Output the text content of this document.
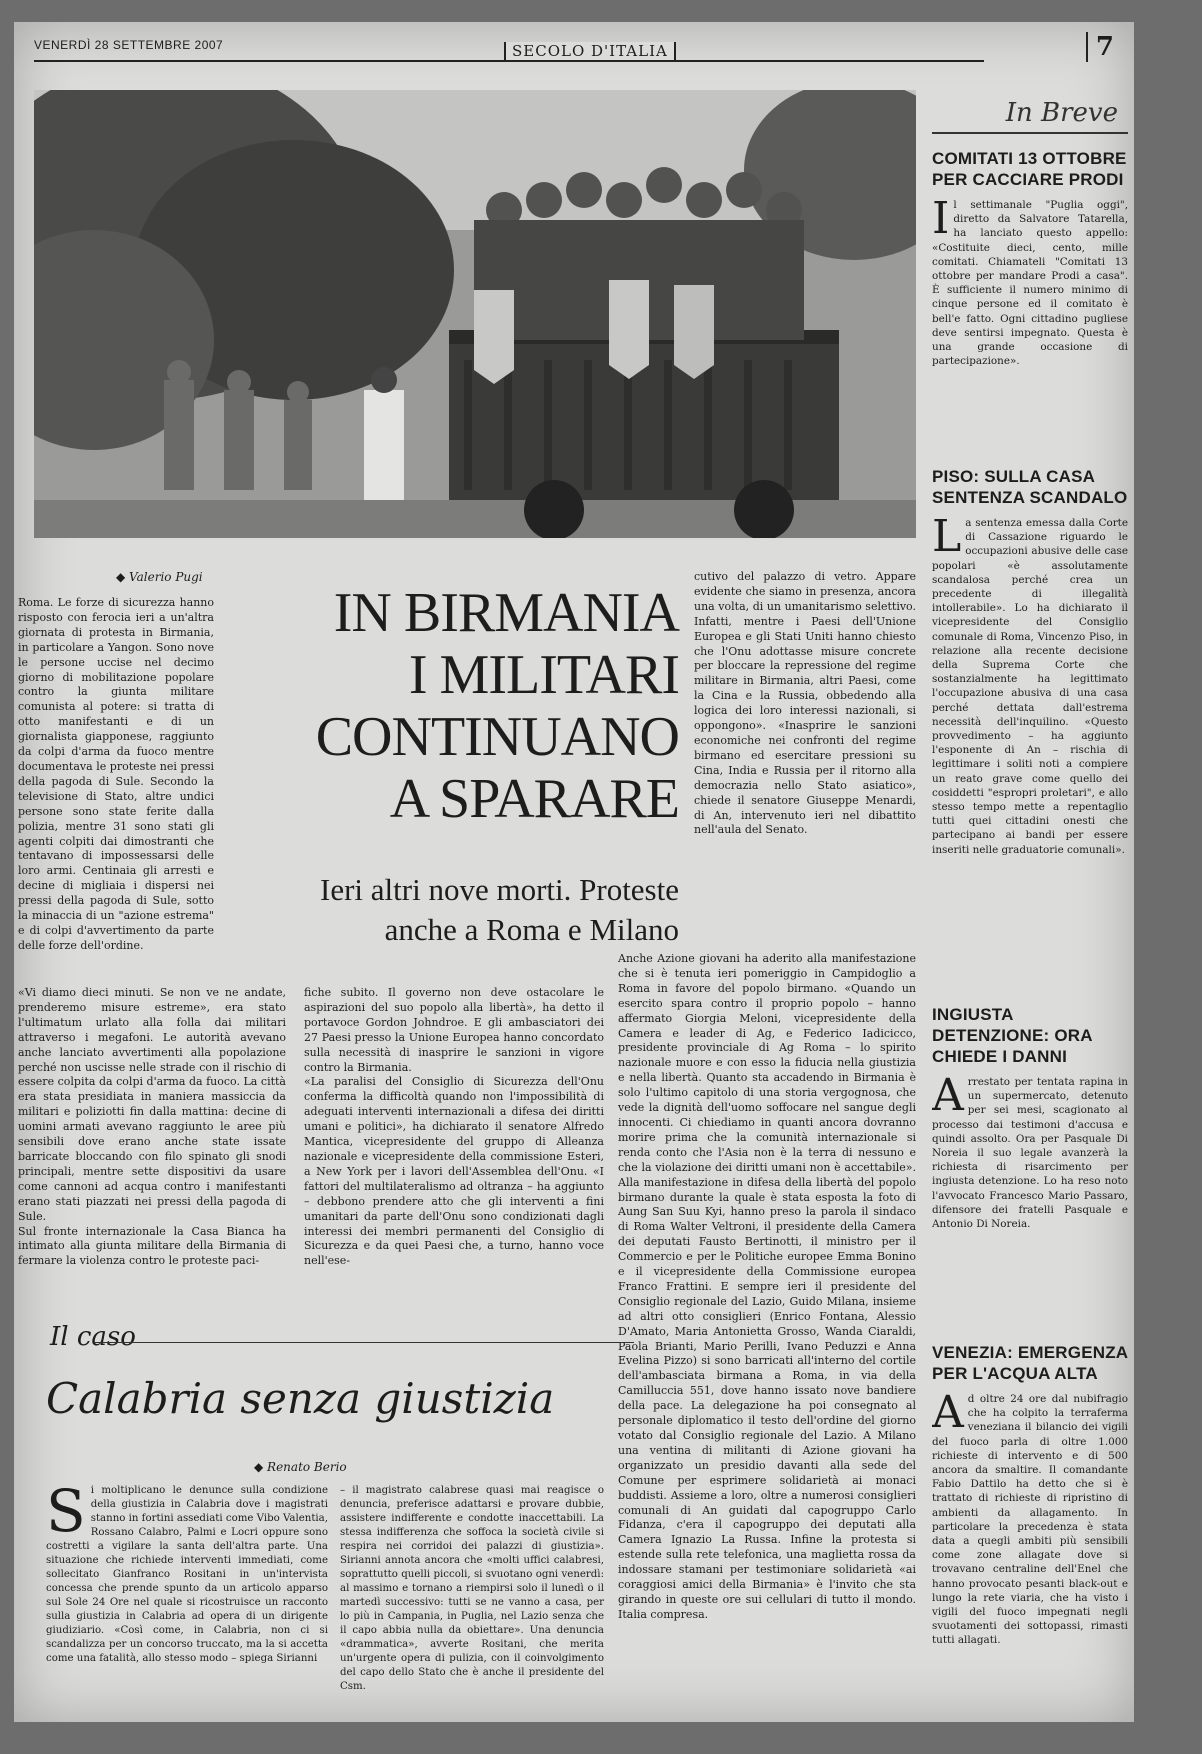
VENERDÌ 28 SETTEMBRE 2007	SECOLO D'ITALIA	7
◆ Valerio Pugi
IN BIRMANIA
I MILITARI
CONTINUANO
A SPARARE
Ieri altri nove morti. Proteste
anche a Roma e Milano

Roma. Le forze di sicurezza hanno risposto con ferocia ieri a un'altra giornata di protesta in Birmania, in particolare a Yangon. Sono nove le persone uccise nel decimo giorno di mobilitazione popolare contro la giunta militare comunista al potere: si tratta di otto manifestanti e di un giornalista giapponese, raggiunto da colpi d'arma da fuoco mentre documentava le proteste nei pressi della pagoda di Sule. Secondo la televisione di Stato, altre undici persone sono state ferite dalla polizia, mentre 31 sono stati gli agenti colpiti dai dimostranti che tentavano di impossessarsi delle loro armi. Centinaia gli arresti e decine di migliaia i dispersi nei pressi della pagoda di Sule, sotto la minaccia di un "azione estrema" e di colpi d'avvertimento da parte delle forze dell'ordine.

«Vi diamo dieci minuti. Se non ve ne andate, prenderemo misure estreme», era stato l'ultimatum urlato alla folla dai militari attraverso i megafoni. Le autorità avevano anche lanciato avvertimenti alla popolazione perché non uscisse nelle strade con il rischio di essere colpita da colpi d'arma da fuoco. La città era stata presidiata in maniera massiccia da militari e poliziotti fin dalla mattina: decine di uomini armati avevano raggiunto le aree più sensibili dove erano anche state issate barricate bloccando con filo spinato gli snodi principali, mentre sette dispositivi da usare come cannoni ad acqua contro i manifestanti erano stati piazzati nei pressi della pagoda di Sule.

Sul fronte internazionale la Casa Bianca ha intimato alla giunta militare della Birmania di fermare la violenza contro le proteste paci-

fiche subito. Il governo non deve ostacolare le aspirazioni del suo popolo alla libertà», ha detto il portavoce Gordon Johndroe. E gli ambasciatori dei 27 Paesi presso la Unione Europea hanno concordato sulla necessità di inasprire le sanzioni in vigore contro la Birmania.

«La paralisi del Consiglio di Sicurezza dell'Onu conferma la difficoltà quando non l'impossibilità di adeguati interventi internazionali a difesa dei diritti umani e politici», ha dichiarato il senatore Alfredo Mantica, vicepresidente del gruppo di Alleanza nazionale e vicepresidente della commissione Esteri, a New York per i lavori dell'Assemblea dell'Onu. «I fattori del multilateralismo ad oltranza – ha aggiunto – debbono prendere atto che gli interventi a fini umanitari da parte dell'Onu sono condizionati dagli interessi dei membri permanenti del Consiglio di Sicurezza e da quei Paesi che, a turno, hanno voce nell'ese-

cutivo del palazzo di vetro. Appare evidente che siamo in presenza, ancora una volta, di un umanitarismo selettivo. Infatti, mentre i Paesi dell'Unione Europea e gli Stati Uniti hanno chiesto che l'Onu adottasse misure concrete per bloccare la repressione del regime militare in Birmania, altri Paesi, come la Cina e la Russia, obbedendo alla logica dei loro interessi nazionali, si oppongono». «Inasprire le sanzioni economiche nei confronti del regime birmano ed esercitare pressioni su Cina, India e Russia per il ritorno alla democrazia nello Stato asiatico», chiede il senatore Giuseppe Menardi, di An, intervenuto ieri nel dibattito nell'aula del Senato.

Anche Azione giovani ha aderito alla manifestazione che si è tenuta ieri pomeriggio in Campidoglio a Roma in favore del popolo birmano. «Quando un esercito spara contro il proprio popolo – hanno affermato Giorgia Meloni, vicepresidente della Camera e leader di Ag, e Federico Iadicicco, presidente provinciale di Ag Roma – lo spirito nazionale muore e con esso la fiducia nella giustizia e nella libertà. Quanto sta accadendo in Birmania è solo l'ultimo capitolo di una storia vergognosa, che vede la dignità dell'uomo soffocare nel sangue degli innocenti. Ci chiediamo in quanti ancora dovranno morire prima che la comunità internazionale si renda conto che l'Asia non è la terra di nessuno e che la violazione dei diritti umani non è accettabile». Alla manifestazione in difesa della libertà del popolo birmano durante la quale è stata esposta la foto di Aung San Suu Kyi, hanno preso la parola il sindaco di Roma Walter Veltroni, il presidente della Camera dei deputati Fausto Bertinotti, il ministro per il Commercio e per le Politiche europee Emma Bonino e il vicepresidente della Commissione europea Franco Frattini. E sempre ieri il presidente del Consiglio regionale del Lazio, Guido Milana, insieme ad altri otto consiglieri (Enrico Fontana, Alessio D'Amato, Maria Antonietta Grosso, Wanda Ciaraldi, Paola Brianti, Mario Perilli, Ivano Peduzzi e Anna Evelina Pizzo) si sono barricati all'interno del cortile dell'ambasciata birmana a Roma, in via della Camilluccia 551, dove hanno issato nove bandiere della pace. La delegazione ha poi consegnato al personale diplomatico il testo dell'ordine del giorno votato dal Consiglio regionale del Lazio. A Milano una ventina di militanti di Azione giovani ha organizzato un presidio davanti alla sede del Comune per esprimere solidarietà ai monaci buddisti. Assieme a loro, oltre a numerosi consiglieri comunali di An guidati dal capogruppo Carlo Fidanza, c'era il capogruppo dei deputati alla Camera Ignazio La Russa. Infine la protesta si estende sulla rete telefonica, una maglietta rossa da indossare stamani per testimoniare solidarietà «ai coraggiosi amici della Birmania» è l'invito che sta girando in queste ore sui cellulari di tutto il mondo. Italia compresa.

Il caso
Calabria senza giustizia
◆ Renato Berio
Si moltiplicano le denunce sulla condizione della giustizia in Calabria dove i magistrati stanno in fortini assediati come Vibo Valentia, Rossano Calabro, Palmi e Locri oppure sono costretti a vigilare la santa dell'altra parte. Una situazione che richiede interventi immediati, come sollecitato Gianfranco Rositani in un'intervista concessa che prende spunto da un articolo apparso sul Sole 24 Ore nel quale si ricostruisce un racconto sulla giustizia in Calabria ad opera di un dirigente giudiziario. «Così come, in Calabria, non ci si scandalizza per un concorso truccato, ma la si accetta come una fatalità, allo stesso modo – spiega Sirianni
– il magistrato calabrese quasi mai reagisce o denuncia, preferisce adattarsi e provare dubbie, assistere indifferente e condotte inaccettabili. La stessa indifferenza che soffoca la società civile si respira nei corridoi dei palazzi di giustizia». Sirianni annota ancora che «molti uffici calabresi, soprattutto quelli piccoli, si svuotano ogni venerdì: al massimo e tornano a riempirsi solo il lunedì o il martedì successivo: tutti se ne vanno a casa, per lo più in Campania, in Puglia, nel Lazio senza che il capo abbia nulla da obiettare». Una denuncia «drammatica», avverte Rositani, che merita un'urgente opera di pulizia, con il coinvolgimento del capo dello Stato che è anche il presidente del Csm.
In Breve
COMITATI 13 OTTOBRE PER CACCIARE PRODI

Il settimanale "Puglia oggi", diretto da Salvatore Tatarella, ha lanciato questo appello: «Costituite dieci, cento, mille comitati. Chiamateli "Comitati 13 ottobre per mandare Prodi a casa". È sufficiente il numero minimo di cinque persone ed il comitato è bell'e fatto. Ogni cittadino pugliese deve sentirsi impegnato. Questa è una grande occasione di partecipazione».

PISO: SULLA CASA SENTENZA SCANDALO

La sentenza emessa dalla Corte di Cassazione riguardo le occupazioni abusive delle case popolari «è assolutamente scandalosa perché crea un precedente di illegalità intollerabile». Lo ha dichiarato il vicepresidente del Consiglio comunale di Roma, Vincenzo Piso, in relazione alla recente decisione della Suprema Corte che sostanzialmente ha legittimato l'occupazione abusiva di una casa perché dettata dall'estrema necessità dell'inquilino. «Questo provvedimento – ha aggiunto l'esponente di An – rischia di legittimare i soliti noti a compiere un reato grave come quello dei cosiddetti "espropri proletari", e allo stesso tempo mette a repentaglio tutti quei cittadini onesti che partecipano ai bandi per essere inseriti nelle graduatorie comunali».

INGIUSTA DETENZIONE: ORA CHIEDE I DANNI

Arrestato per tentata rapina in un supermercato, detenuto per sei mesi, scagionato al processo dai testimoni d'accusa e quindi assolto. Ora per Pasquale Di Noreia il suo legale avanzerà la richiesta di risarcimento per ingiusta detenzione. Lo ha reso noto l'avvocato Francesco Mario Passaro, difensore dei fratelli Pasquale e Antonio Di Noreia.

VENEZIA: EMERGENZA PER L'ACQUA ALTA

Ad oltre 24 ore dal nubifragio che ha colpito la terraferma veneziana il bilancio dei vigili del fuoco parla di oltre 1.000 richieste di intervento e di 500 ancora da smaltire. Il comandante Fabio Dattilo ha detto che si è trattato di richieste di ripristino di ambienti da allagamento. In particolare la precedenza è stata data a quegli ambiti più sensibili come zone allagate dove si trovavano centraline dell'Enel che hanno provocato pesanti black-out e lungo la rete viaria, che ha visto i vigili del fuoco impegnati negli svuotamenti dei sottopassi, rimasti tutti allagati.
